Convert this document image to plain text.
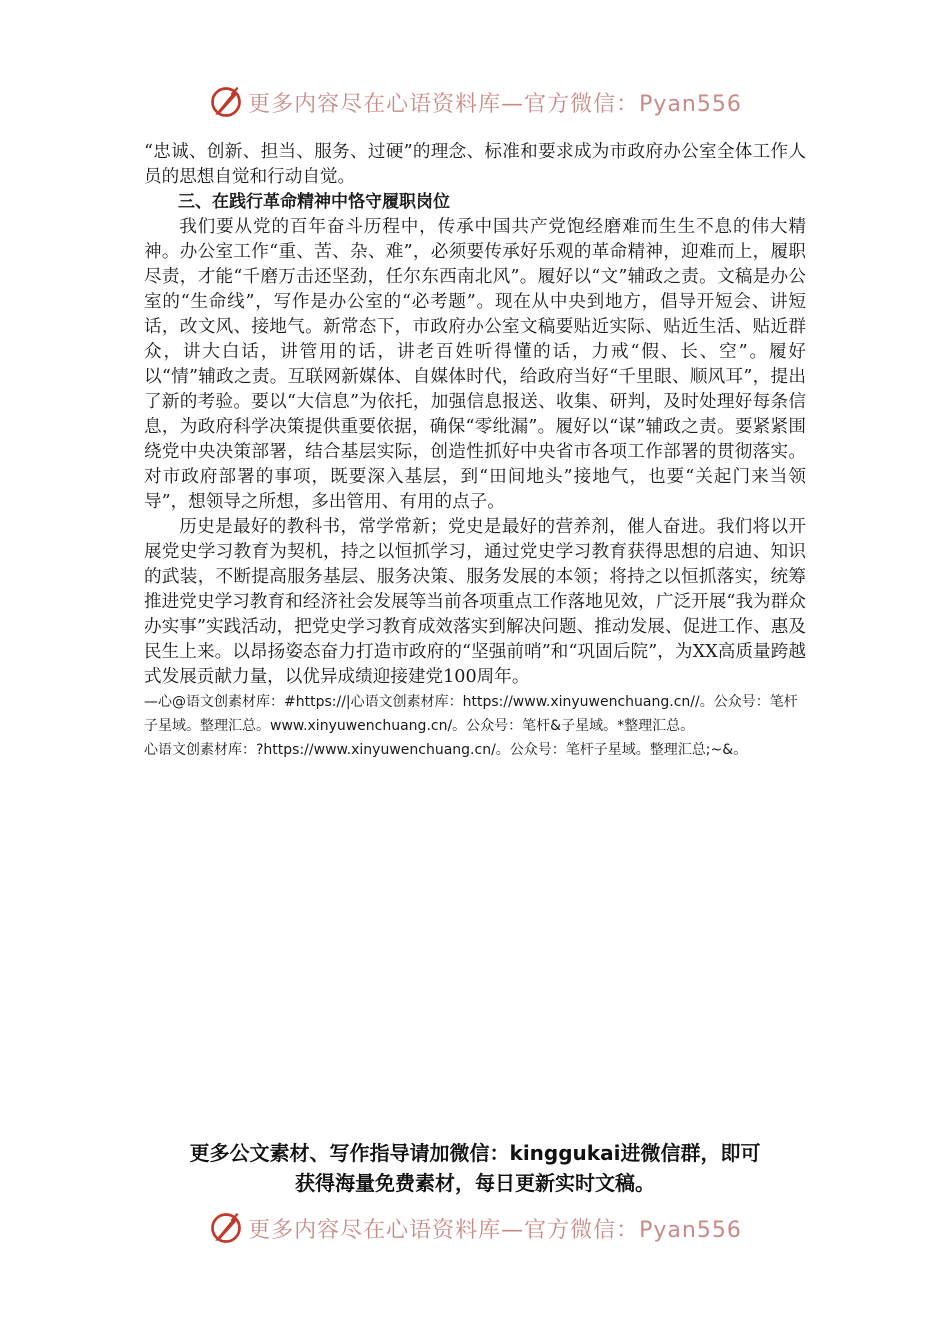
更多内容尽在心语资料库—官方微信：Pyan556

“忠诚、创新、担当、服务、过硬”的理念、标准和要求成为市政府办公室全体工作人员的思想自觉和行动自觉。

三、在践行革命精神中恪守履职岗位

我们要从党的百年奋斗历程中，传承中国共产党饱经磨难而生生不息的伟大精神。办公室工作“重、苦、杂、难”，必须要传承好乐观的革命精神，迎难而上，履职尽责，才能“千磨万击还坚劲，任尔东西南北风”。履好以“文”辅政之责。文稿是办公室的“生命线”，写作是办公室的“必考题”。现在从中央到地方，倡导开短会、讲短话，改文风、接地气。新常态下，市政府办公室文稿要贴近实际、贴近生活、贴近群众，讲大白话，讲管用的话，讲老百姓听得懂的话，力戒“假、长、空”。履好以“情”辅政之责。互联网新媒体、自媒体时代，给政府当好“千里眼、顺风耳”，提出了新的考验。要以“大信息”为依托，加强信息报送、收集、研判，及时处理好每条信息，为政府科学决策提供重要依据，确保“零纰漏”。履好以“谋”辅政之责。要紧紧围绕党中央决策部署，结合基层实际，创造性抓好中央省市各项工作部署的贯彻落实。对市政府部署的事项，既要深入基层，到“田间地头”接地气，也要“关起门来当领导”，想领导之所想，多出管用、有用的点子。

历史是最好的教科书，常学常新；党史是最好的营养剂，催人奋进。我们将以开展党史学习教育为契机，持之以恒抓学习，通过党史学习教育获得思想的启迪、知识的武装，不断提高服务基层、服务决策、服务发展的本领；将持之以恒抓落实，统筹推进党史学习教育和经济社会发展等当前各项重点工作落地见效，广泛开展“我为群众办实事”实践活动，把党史学习教育成效落实到解决问题、推动发展、促进工作、惠及民生上来。以昂扬姿态奋力打造市政府的“坚强前哨”和“巩固后院”，为XX高质量跨越式发展贡献力量，以优异成绩迎接建党100周年。

—心@语文创素材库：#https://|心语文创素材库：https://www.xinyuwenchuang.cn//。公众号：笔杆子星域。整理汇总。www.xinyuwenchuang.cn/。公众号：笔杆&子星域。*整理汇总。

心语文创素材库：?https://www.xinyuwenchuang.cn/。公众号：笔杆子星域。整理汇总;~&。

更多公文素材、写作指导请加微信：kinggukai进微信群，即可
获得海量免费素材，每日更新实时文稿。
更多内容尽在心语资料库—官方微信：Pyan556
